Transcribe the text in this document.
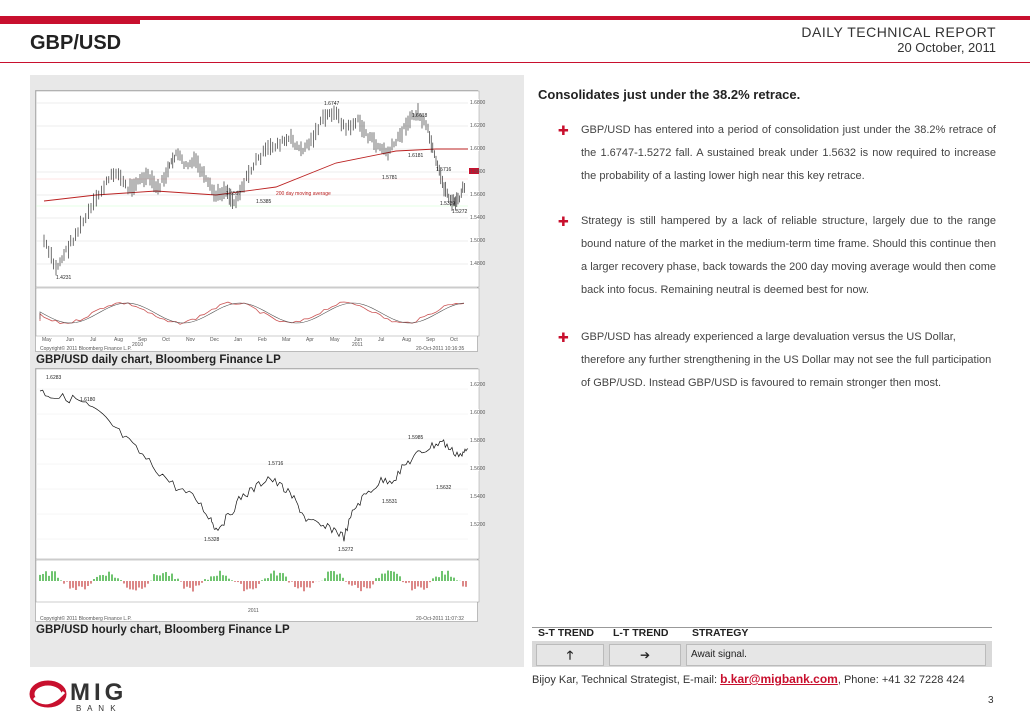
GBP/USD	DAILY TECHNICAL REPORT
20 October, 2011
1.6747
1.6618
1.6181
1.5781
1.5716
1.5597
1.5339
1.5272
1.5385
1.4231
200 day moving average
1.6800
1.6200
1.6000
1.5800
1.5600
1.5400
1.5000
1.4800
May	Jun	Jul	Aug	Sep	Oct	Nov	Dec	Jan	Feb	Mar	Apr	May	Jun	Jul	Aug	Sep	Oct
2010	2011
Copyright© 2011 Bloomberg Finance L.P.	20-Oct-2011 10:16:35
GBP/USD daily chart, Bloomberg Finance LP
1.6283
1.6180
1.5985
1.5716
1.5632
1.5531
1.5328
1.5272
1.6200
1.6000
1.5800
1.5600
1.5400
1.5200
Copyright© 2011 Bloomberg Finance L.P.	20-Oct-2011 11:07:32
2011
GBP/USD hourly chart, Bloomberg Finance LP
Consolidates just under the 38.2% retrace.
✚ GBP/USD has entered into a period of consolidation just under the 38.2% retrace of the 1.6747-1.5272 fall. A sustained break under 1.5632 is now required to increase the probability of a lasting lower high near this key retrace.
✚ Strategy is still hampered by a lack of reliable structure, largely due to the range bound nature of the market in the medium-term time frame. Should this continue then a larger recovery phase, back towards the 200 day moving average would then come back into focus. Remaining neutral is deemed best for now.
✚ GBP/USD has already experienced a large devaluation versus the US Dollar, therefore any further strengthening in the US Dollar may not see the full participation of GBP/USD. Instead GBP/USD is favoured to remain stronger then most.
S-T TREND L-T TREND STRATEGY
🡑	➔	Await signal.
Bijoy Kar, Technical Strategist, E-mail: b.kar@migbank.com, Phone: +41 32 7228 424
MIG
B A N K
3
